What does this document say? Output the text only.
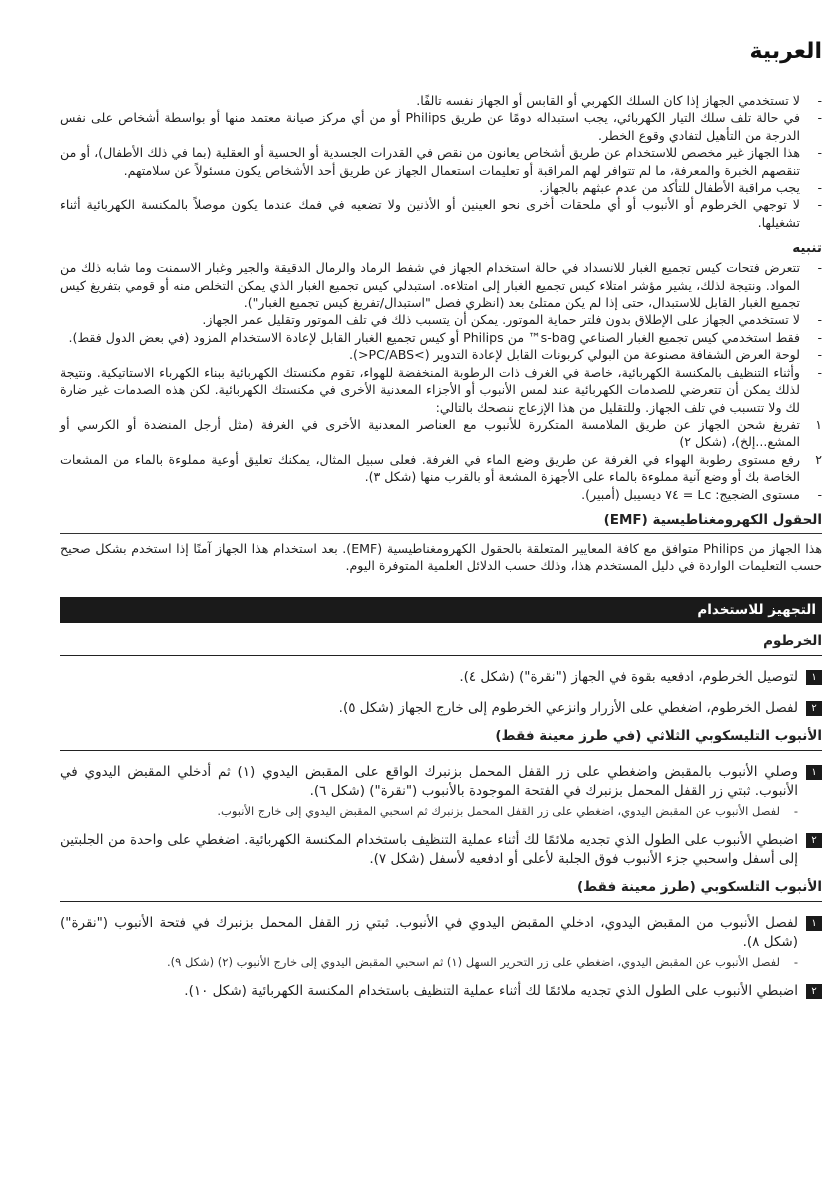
العربية
-
لا تستخدمي الجهاز إذا كان السلك الكهربي أو القابس أو الجهاز نفسه تالفًا.
-
في حالة تلف سلك التيار الكهربائي، يجب استبداله دومًا عن طريق Philips أو من أي مركز صيانة معتمد منها أو بواسطة أشخاص على نفس الدرجة من التأهيل لتفادي وقوع الخطر.
-
هذا الجهاز غير مخصص للاستخدام عن طريق أشخاص يعانون من نقص في القدرات الجسدية أو الحسية أو العقلية (بما في ذلك الأطفال)، أو من تنقصهم الخبرة والمعرفة، ما لم تتوافر لهم المراقبة أو تعليمات استعمال الجهاز عن طريق أحد الأشخاص يكون مسئولاً عن سلامتهم.
-
يجب مراقبة الأطفال للتأكد من عدم عبثهم بالجهاز.
-
لا توجهي الخرطوم أو الأنبوب أو أي ملحقات أخرى نحو العينين أو الأذنين ولا تضعيه في فمك عندما يكون موصلاً بالمكنسة الكهربائية أثناء تشغيلها.
تنبيه
-
تتعرض فتحات كيس تجميع الغبار للانسداد في حالة استخدام الجهاز في شفط الرماد والرمال الدقيقة والجير وغبار الاسمنت وما شابه ذلك من المواد. ونتيجة لذلك، يشير مؤشر امتلاء كيس تجميع الغبار إلى امتلاءه. استبدلي كيس تجميع الغبار الذي يمكن التخلص منه أو قومي بتفريغ كيس تجميع الغبار القابل للاستبدال، حتى إذا لم يكن ممتلئ بعد (انظري فصل "استبدال/تفريغ كيس تجميع الغبار").
-
لا تستخدمي الجهاز على الإطلاق بدون فلتر حماية الموتور. يمكن أن يتسبب ذلك في تلف الموتور وتقليل عمر الجهاز.
-
فقط استخدمي كيس تجميع الغبار الصناعي s-bag™ من Philips أو كيس تجميع الغبار القابل لإعادة الاستخدام المزود (في بعض الدول فقط).
-
لوحة العرض الشفافة مصنوعة من البولي كربونات القابل لإعادة التدوير (>PC/ABS<).
-
وأثناء التنظيف بالمكنسة الكهربائية، خاصة في الغرف ذات الرطوبة المنخفضة للهواء، تقوم مكنستك الكهربائية ببناء الكهرباء الاستاتيكية. ونتيجة لذلك يمكن أن تتعرضي للصدمات الكهربائية عند لمس الأنبوب أو الأجزاء المعدنية الأخرى في مكنستك الكهربائية. لكن هذه الصدمات غير ضارة لك ولا تتسبب في تلف الجهاز. وللتقليل من هذا الإزعاج ننصحك بالتالي:
١
تفريغ شحن الجهاز عن طريق الملامسة المتكررة للأنبوب مع العناصر المعدنية الأخرى في الغرفة (مثل أرجل المنضدة أو الكرسي أو المشع...إلخ)، (شكل ٢)
٢
رفع مستوى رطوبة الهواء في الغرفة عن طريق وضع الماء في الغرفة. فعلى سبيل المثال، يمكنك تعليق أوعية مملوءة بالماء من المشعات الخاصة بك أو وضع آنية مملوءة بالماء على الأجهزة المشعة أو بالقرب منها (شكل ٣).
-
مستوى الضجيج: Lc = ٧٤ ديسيبل (أمبير).
الحقول الكهرومغناطيسية (EMF)

هذا الجهاز من Philips متوافق مع كافة المعايير المتعلقة بالحقول الكهرومغناطيسية (EMF). بعد استخدام هذا الجهاز آمنًا إذا استخدم بشكل صحيح حسب التعليمات الواردة في دليل المستخدم هذا، وذلك حسب الدلائل العلمية المتوفرة اليوم.

التجهيز للاستخدام
الخرطوم
١
لتوصيل الخرطوم، ادفعيه بقوة في الجهاز ("نقرة") (شكل ٤).
٢
لفصل الخرطوم، اضغطي على الأزرار وانزعي الخرطوم إلى خارج الجهاز (شكل ٥).
الأنبوب التليسكوبي الثلاثي (في طرز معينة فقط)
١
وصلي الأنبوب بالمقبض واضغطي على زر القفل المحمل بزنبرك الواقع على المقبض اليدوي (١) ثم أدخلي المقبض اليدوي في الأنبوب. ثبتي زر القفل المحمل بزنبرك في الفتحة الموجودة بالأنبوب ("نقرة") (شكل ٦).
-
لفصل الأنبوب عن المقبض اليدوي، اضغطي على زر القفل المحمل بزنبرك ثم اسحبي المقبض اليدوي إلى خارج الأنبوب.
٢
اضبطي الأنبوب على الطول الذي تجديه ملائمًا لك أثناء عملية التنظيف باستخدام المكنسة الكهربائية. اضغطي على واحدة من الجلبتين إلى أسفل واسحبي جزء الأنبوب فوق الجلبة لأعلى أو ادفعيه لأسفل (شكل ٧).
الأنبوب التلسكوبي (طرز معينة فقط)
١
لفصل الأنبوب من المقبض اليدوي، ادخلي المقبض اليدوي في الأنبوب. ثبتي زر القفل المحمل بزنبرك في فتحة الأنبوب ("نقرة") (شكل ٨).
-
لفصل الأنبوب عن المقبض اليدوي، اضغطي على زر التحرير السهل (١) ثم اسحبي المقبض اليدوي إلى خارج الأنبوب (٢) (شكل ٩).
٢
اضبطي الأنبوب على الطول الذي تجديه ملائمًا لك أثناء عملية التنظيف باستخدام المكنسة الكهربائية (شكل ١٠).
